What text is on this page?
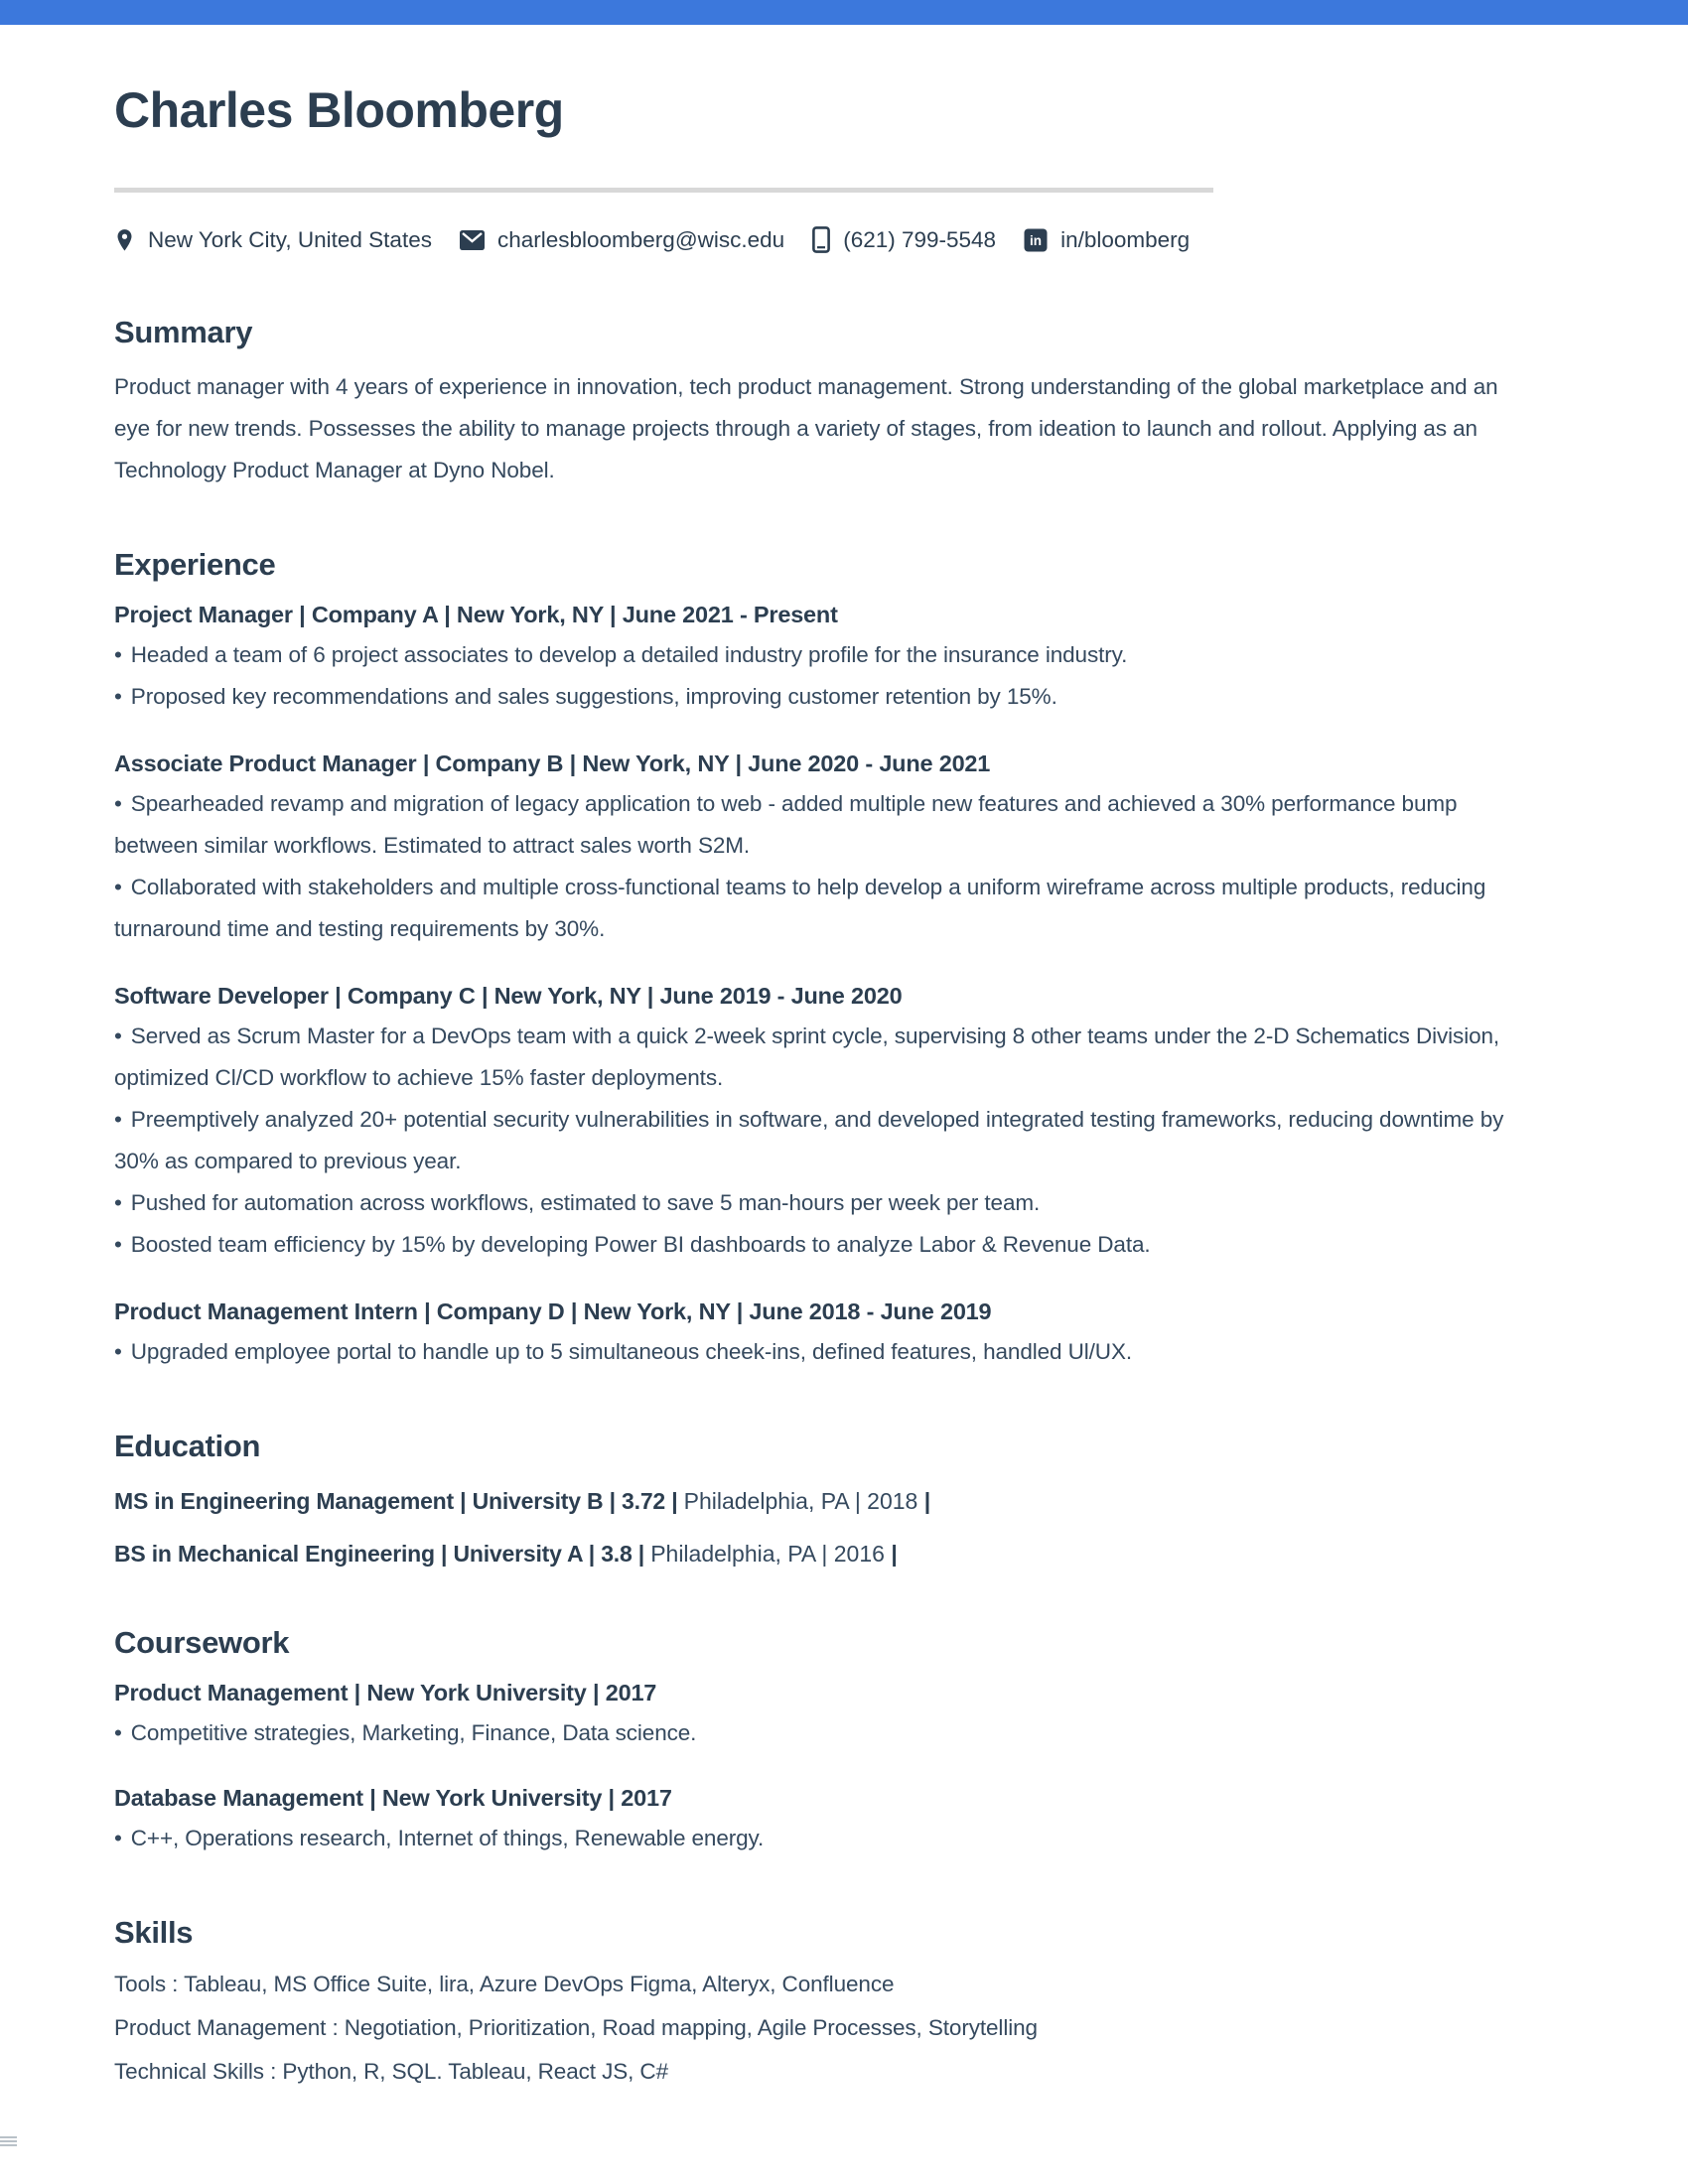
Charles Bloomberg
New York City, United States	charlesbloomberg@wisc.edu	(621) 799-5548	in in/bloomberg
Summary

Product manager with 4 years of experience in innovation, tech product management. Strong understanding of the global marketplace and an eye for new trends. Possesses the ability to manage projects through a variety of stages, from ideation to launch and rollout. Applying as an Technology Product Manager at Dyno Nobel.

Experience
Project Manager | Company A | New York, NY | June 2021 - Present
• Headed a team of 6 project associates to develop a detailed industry profile for the insurance industry.
• Proposed key recommendations and sales suggestions, improving customer retention by 15%.
Associate Product Manager | Company B | New York, NY | June 2020 - June 2021
• Spearheaded revamp and migration of legacy application to web - added multiple new features and achieved a 30% performance bump between similar workflows. Estimated to attract sales worth S2M.
• Collaborated with stakeholders and multiple cross-functional teams to help develop a uniform wireframe across multiple products, reducing turnaround time and testing requirements by 30%.
Software Developer | Company C | New York, NY | June 2019 - June 2020
• Served as Scrum Master for a DevOps team with a quick 2-week sprint cycle, supervising 8 other teams under the 2-D Schematics Division, optimized Cl/CD workflow to achieve 15% faster deployments.
• Preemptively analyzed 20+ potential security vulnerabilities in software, and developed integrated testing frameworks, reducing downtime by 30% as compared to previous year.
• Pushed for automation across workflows, estimated to save 5 man-hours per week per team.
• Boosted team efficiency by 15% by developing Power BI dashboards to analyze Labor & Revenue Data.
Product Management Intern | Company D | New York, NY | June 2018 - June 2019
• Upgraded employee portal to handle up to 5 simultaneous cheek-ins, defined features, handled Ul/UX.
Education
MS in Engineering Management | University B | 3.72 | Philadelphia, PA | 2018 |
BS in Mechanical Engineering | University A | 3.8 | Philadelphia, PA | 2016 |
Coursework
Product Management | New York University | 2017
• Competitive strategies, Marketing, Finance, Data science.
Database Management | New York University | 2017
• C++, Operations research, Internet of things, Renewable energy.
Skills
Tools : Tableau, MS Office Suite, lira, Azure DevOps Figma, Alteryx, Confluence
Product Management : Negotiation, Prioritization, Road mapping, Agile Processes, Storytelling
Technical Skills : Python, R, SQL. Tableau, React JS, C#
